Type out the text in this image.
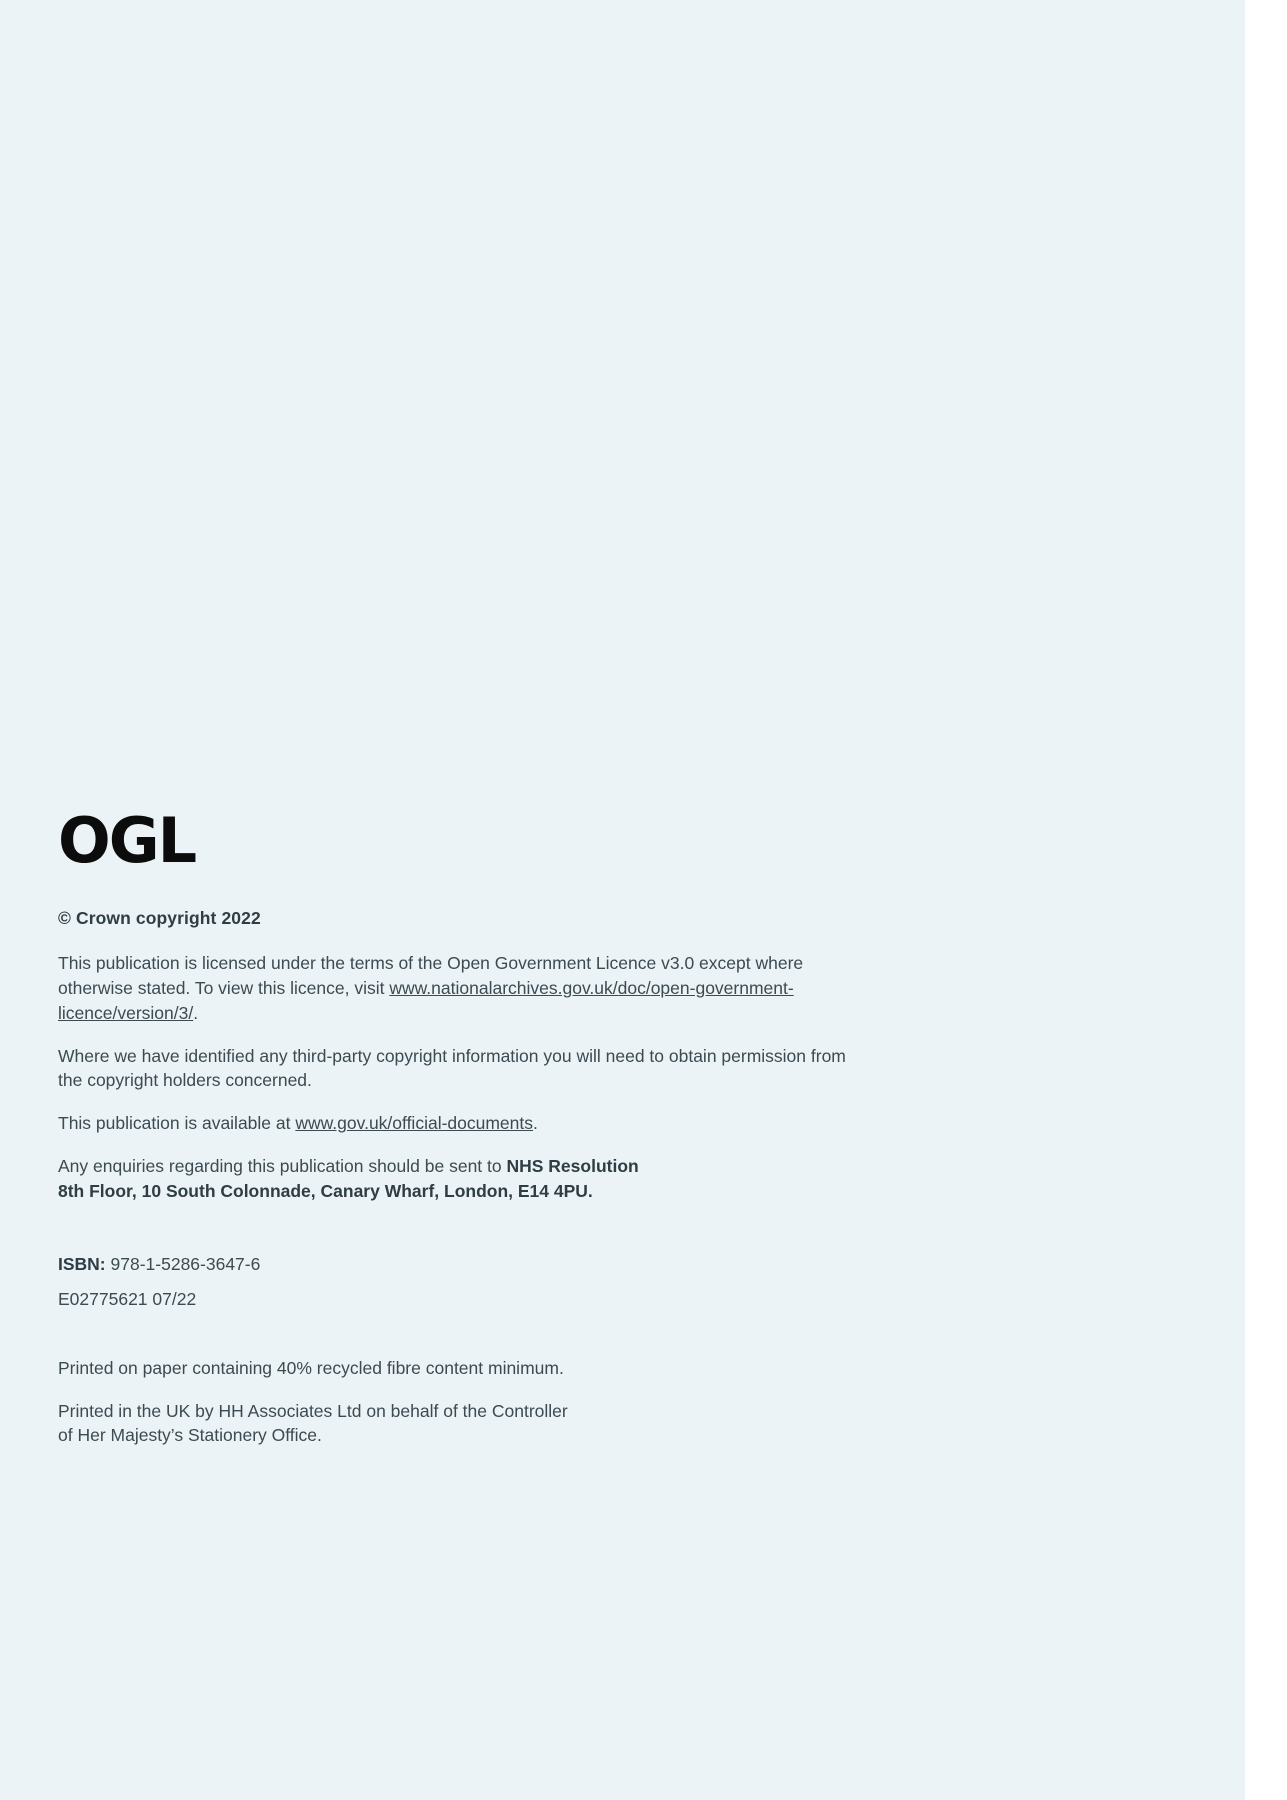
OGL
© Crown copyright 2022

This publication is licensed under the terms of the Open Government Licence v3.0 except where otherwise stated. To view this licence, visit www.nationalarchives.gov.uk/doc/open-government-licence/version/3/.

Where we have identified any third-party copyright information you will need to obtain permission from the copyright holders concerned.

This publication is available at www.gov.uk/official-documents.

Any enquiries regarding this publication should be sent to NHS Resolution
8th Floor, 10 South Colonnade, Canary Wharf, London, E14 4PU.

ISBN: 978-1-5286-3647-6

E02775621 07/22

Printed on paper containing 40% recycled fibre content minimum.

Printed in the UK by HH Associates Ltd on behalf of the Controller
of Her Majesty’s Stationery Office.
